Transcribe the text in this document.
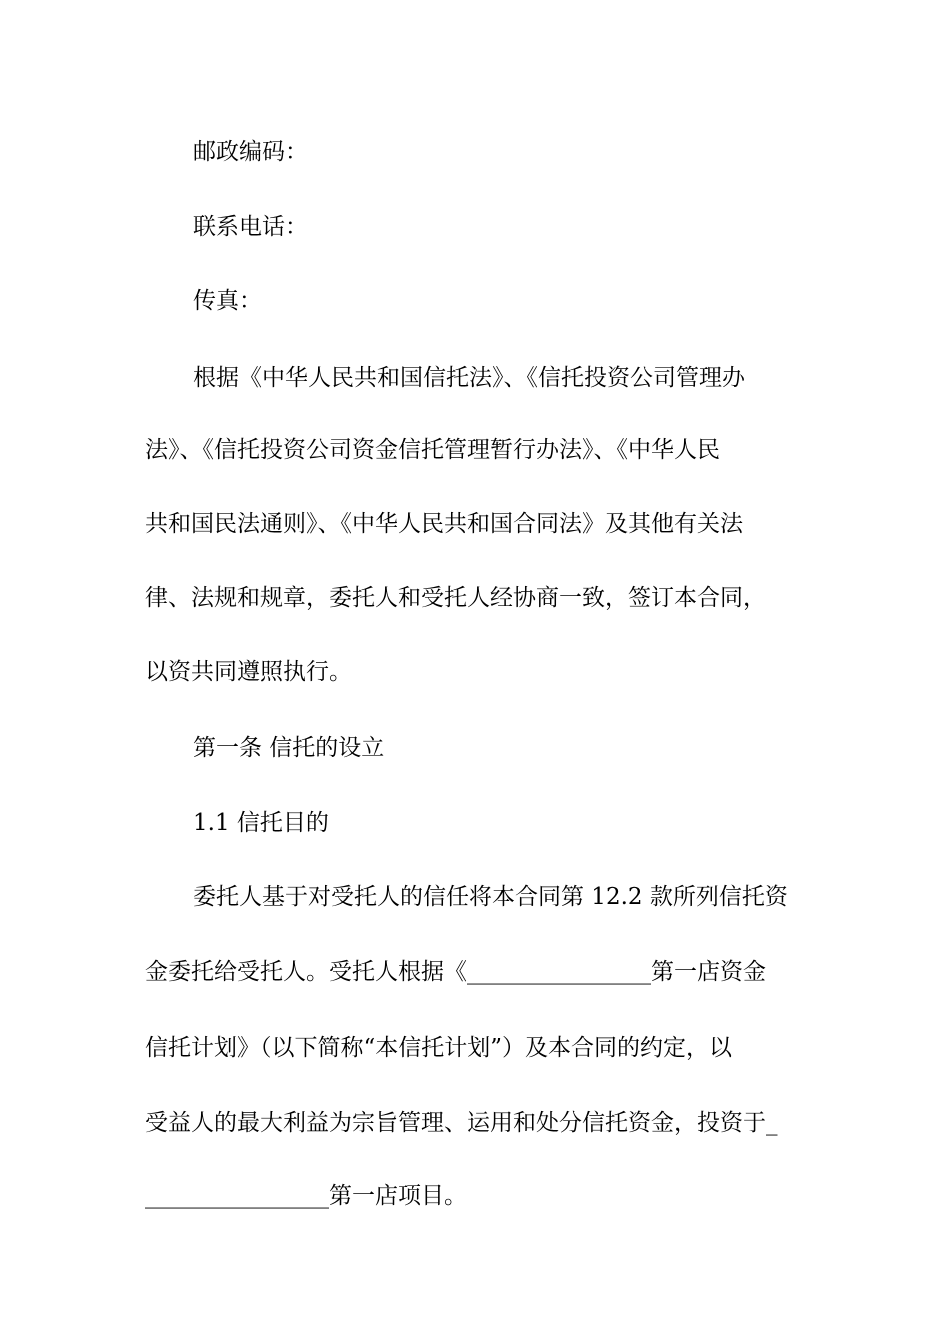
邮政编码：
联系电话：
传真：
根据《中华人民共和国信托法》、《信托投资公司管理办
法》、《信托投资公司资金信托管理暂行办法》、《中华人民
共和国民法通则》、《中华人民共和国合同法》及其他有关法
律、法规和规章，委托人和受托人经协商一致，签订本合同，
以资共同遵照执行。
第一条 信托的设立
1.1 信托目的
委托人基于对受托人的信任将本合同第 12.2 款所列信托资
金委托给受托人。受托人根据《________________第一店资金
信托计划》（以下简称“本信托计划”）及本合同的约定，以
受益人的最大利益为宗旨管理、运用和处分信托资金，投资于_
________________第一店项目。
